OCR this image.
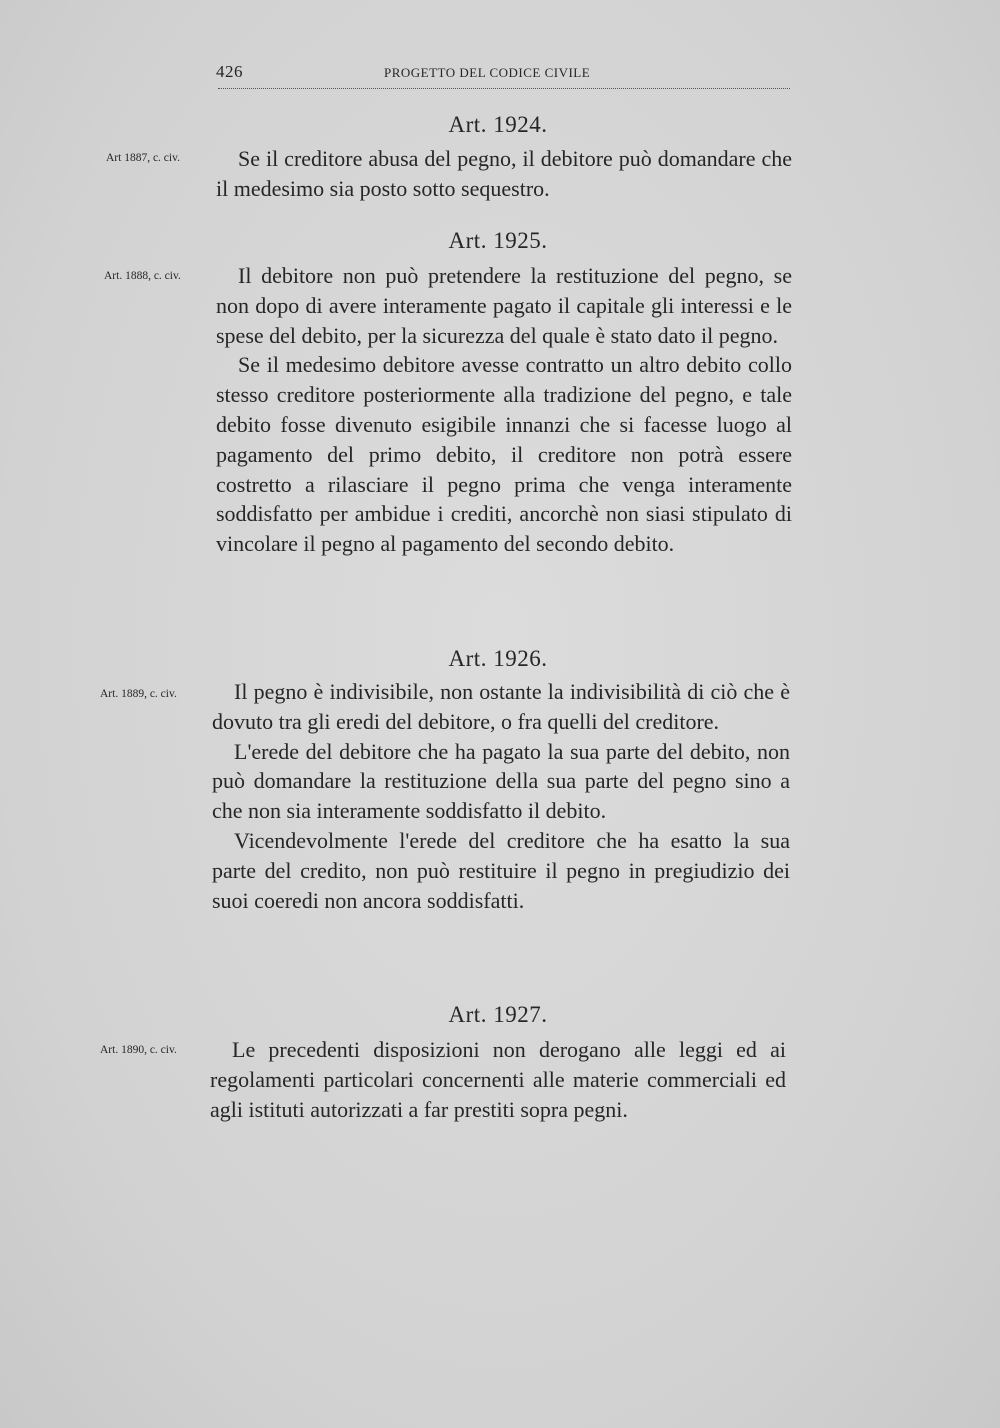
426	PROGETTO DEL CODICE CIVILE
Art. 1924.
Art 1887, c. civ.	Se il creditore abusa del pegno, il debitore può domandare che il medesimo sia posto sotto sequestro.

Art. 1925.
Art. 1888, c. civ.	Il debitore non può pretendere la restituzione del pegno, se non dopo di avere interamente pagato il capitale gli interessi e le spese del debito, per la sicurezza del quale è stato dato il pegno.

Se il medesimo debitore avesse contratto un altro debito collo stesso creditore posteriormente alla tradizione del pegno, e tale debito fosse divenuto esigibile innanzi che si facesse luogo al pagamento del primo debito, il creditore non potrà essere costretto a rilasciare il pegno prima che venga interamente soddisfatto per ambidue i crediti, ancorchè non siasi stipulato di vincolare il pegno al pagamento del secondo debito.

Art. 1926.
Art. 1889, c. civ.	Il pegno è indivisibile, non ostante la indivisibilità di ciò che è dovuto tra gli eredi del debitore, o fra quelli del creditore.

L'erede del debitore che ha pagato la sua parte del debito, non può domandare la restituzione della sua parte del pegno sino a che non sia interamente soddisfatto il debito.

Vicendevolmente l'erede del creditore che ha esatto la sua parte del credito, non può restituire il pegno in pregiudizio dei suoi coeredi non ancora soddisfatti.

Art. 1927.
Art. 1890, c. civ.	Le precedenti disposizioni non derogano alle leggi ed ai regolamenti particolari concernenti alle materie commerciali ed agli istituti autorizzati a far prestiti sopra pegni.
